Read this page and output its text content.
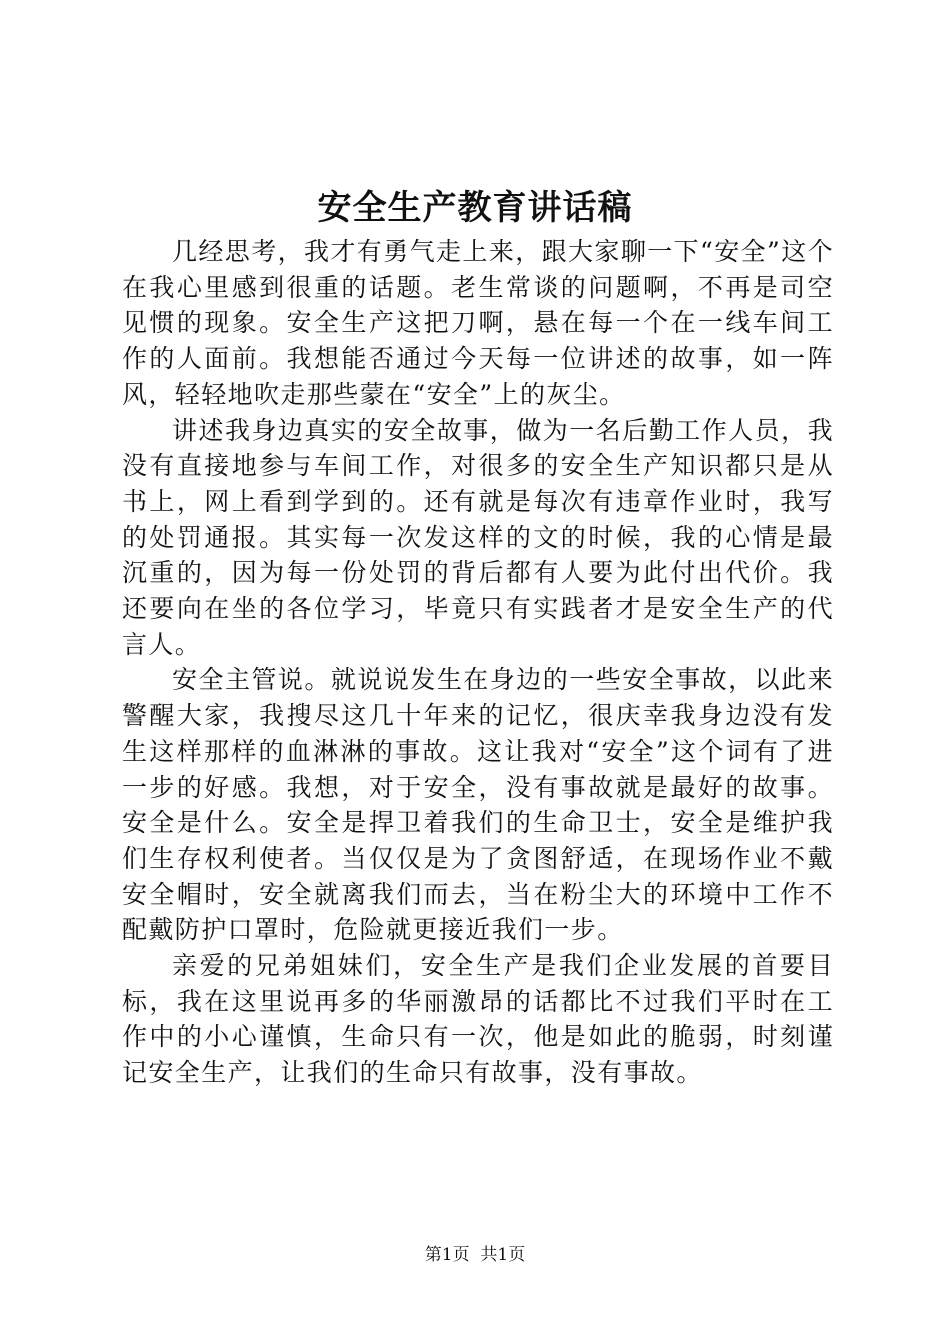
安全生产教育讲话稿

几经思考，我才有勇气走上来，跟大家聊一下“安全”这个在我心里感到很重的话题。老生常谈的问题啊，不再是司空见惯的现象。安全生产这把刀啊，悬在每一个在一线车间工作的人面前。我想能否通过今天每一位讲述的故事，如一阵风，轻轻地吹走那些蒙在“安全”上的灰尘。

讲述我身边真实的安全故事，做为一名后勤工作人员，我没有直接地参与车间工作，对很多的安全生产知识都只是从书上，网上看到学到的。还有就是每次有违章作业时，我写的处罚通报。其实每一次发这样的文的时候，我的心情是最沉重的，因为每一份处罚的背后都有人要为此付出代价。我还要向在坐的各位学习，毕竟只有实践者才是安全生产的代言人。

安全主管说。就说说发生在身边的一些安全事故，以此来警醒大家，我搜尽这几十年来的记忆，很庆幸我身边没有发生这样那样的血淋淋的事故。这让我对“安全”这个词有了进一步的好感。我想，对于安全，没有事故就是最好的故事。安全是什么。安全是捍卫着我们的生命卫士，安全是维护我们生存权利使者。当仅仅是为了贪图舒适，在现场作业不戴安全帽时，安全就离我们而去，当在粉尘大的环境中工作不配戴防护口罩时，危险就更接近我们一步。

亲爱的兄弟姐妹们，安全生产是我们企业发展的首要目标，我在这里说再多的华丽激昂的话都比不过我们平时在工作中的小心谨慎，生命只有一次，他是如此的脆弱，时刻谨记安全生产，让我们的生命只有故事，没有事故。

第1页 共1页
